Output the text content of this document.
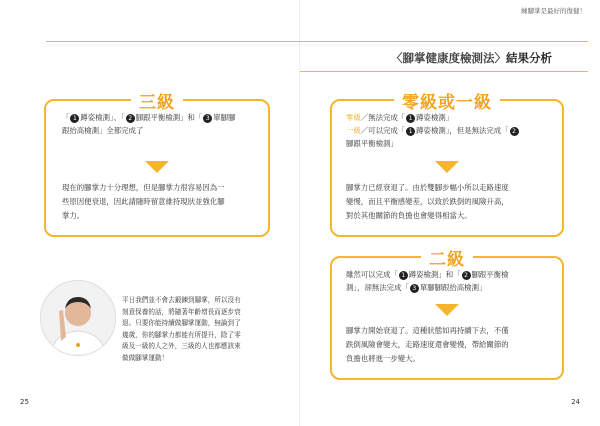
三級
「 1 蹲姿檢測」、「 2 腳跟平衡檢測」和「 3 單腳腳
跟抬高檢測」全都完成了
現在的腳掌力十分理想，但是腳掌力很容易因為一
些原因便衰退，因此請隨時留意維持現狀並強化腳
掌力。
平日我們並不會去鍛鍊到腳掌，所以沒有
刻意保養的話，將隨著年齡增長而逐步衰
退。只要你能持續做腳掌運動，無論到了
幾歲，你的腳掌力都能有所提升，除了零
級及一級的人之外，三級的人也都應該來
做做腳掌運動！
25
練腳掌是最好的復健！
〈腳掌健康度檢測法〉結果分析
零級或一級
零級／無法完成「 1 蹲姿檢測」
一級／可以完成「 1 蹲姿檢測」，但是無法完成「 2
腳跟平衡檢測」
腳掌力已經衰退了。由於雙腳步幅小所以走路速度
變慢，而且平衡感變差，以致於跌倒的風險升高，
對於其他關節的負擔也會變得相當大。
二級
雖然可以完成「 1 蹲姿檢測」和「 2 腳跟平衡檢
測」，卻無法完成「 3 單腳腳跟抬高檢測」
腳掌力開始衰退了。這種狀態如再持續下去，不僅
跌倒風險會變大，走路速度還會變慢，帶給關節的
負擔也將進一步變大。
24
